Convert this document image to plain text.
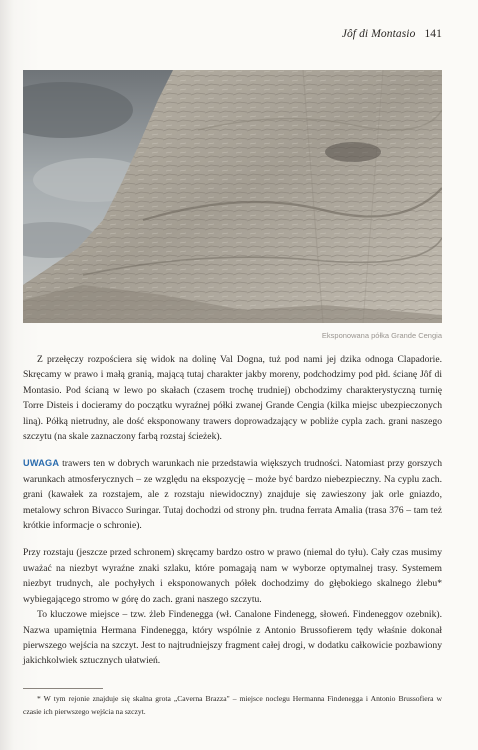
Jôf di Montasio 141
Eksponowana półka Grande Cengia

Z przełęczy rozpościera się widok na dolinę Val Dogna, tuż pod nami jej dzika odnoga Clapadorie. Skręcamy w prawo i małą granią, mającą tutaj charakter jakby moreny, podchodzimy pod płd. ścianę Jôf di Montasio. Pod ścianą w lewo po skałach (czasem trochę trudniej) obchodzimy charakterystyczną turnię Torre Disteis i docieramy do początku wyraźnej półki zwanej Grande Cengia (kilka miejsc ubezpieczonych liną). Półką nietrudny, ale dość eksponowany trawers doprowadzający w pobliże cypla zach. grani naszego szczytu (na skale zaznaczony farbą rozstaj ścieżek).

UWAGA trawers ten w dobrych warunkach nie przedstawia większych trudności. Natomiast przy gorszych warunkach atmosferycznych – ze względu na ekspozycję – może być bardzo niebezpieczny. Na cyplu zach. grani (kawałek za rozstajem, ale z rozstaju niewidoczny) znajduje się zawieszony jak orle gniazdo, metalowy schron Bivacco Suringar. Tutaj dochodzi od strony płn. trudna ferrata Amalia (trasa 376 – tam też krótkie informacje o schronie).

Przy rozstaju (jeszcze przed schronem) skręcamy bardzo ostro w prawo (niemal do tyłu). Cały czas musimy uważać na niezbyt wyraźne znaki szlaku, które pomagają nam w wyborze optymalnej trasy. Systemem niezbyt trudnych, ale pochyłych i eksponowanych półek dochodzimy do głębokiego skalnego żlebu* wybiegającego stromo w górę do zach. grani naszego szczytu.

To kluczowe miejsce – tzw. żleb Findenegga (wł. Canalone Findenegg, słoweń. Findeneggov ozebnik). Nazwa upamiętnia Hermana Findenegga, który wspólnie z Antonio Brussofierem tędy właśnie dokonał pierwszego wejścia na szczyt. Jest to najtrudniejszy fragment całej drogi, w dodatku całkowicie pozbawiony jakichkolwiek sztucznych ułatwień.

* W tym rejonie znajduje się skalna grota „Caverna Brazza" – miejsce noclegu Hermanna Findenegga i Antonio Brussofiera w czasie ich pierwszego wejścia na szczyt.
